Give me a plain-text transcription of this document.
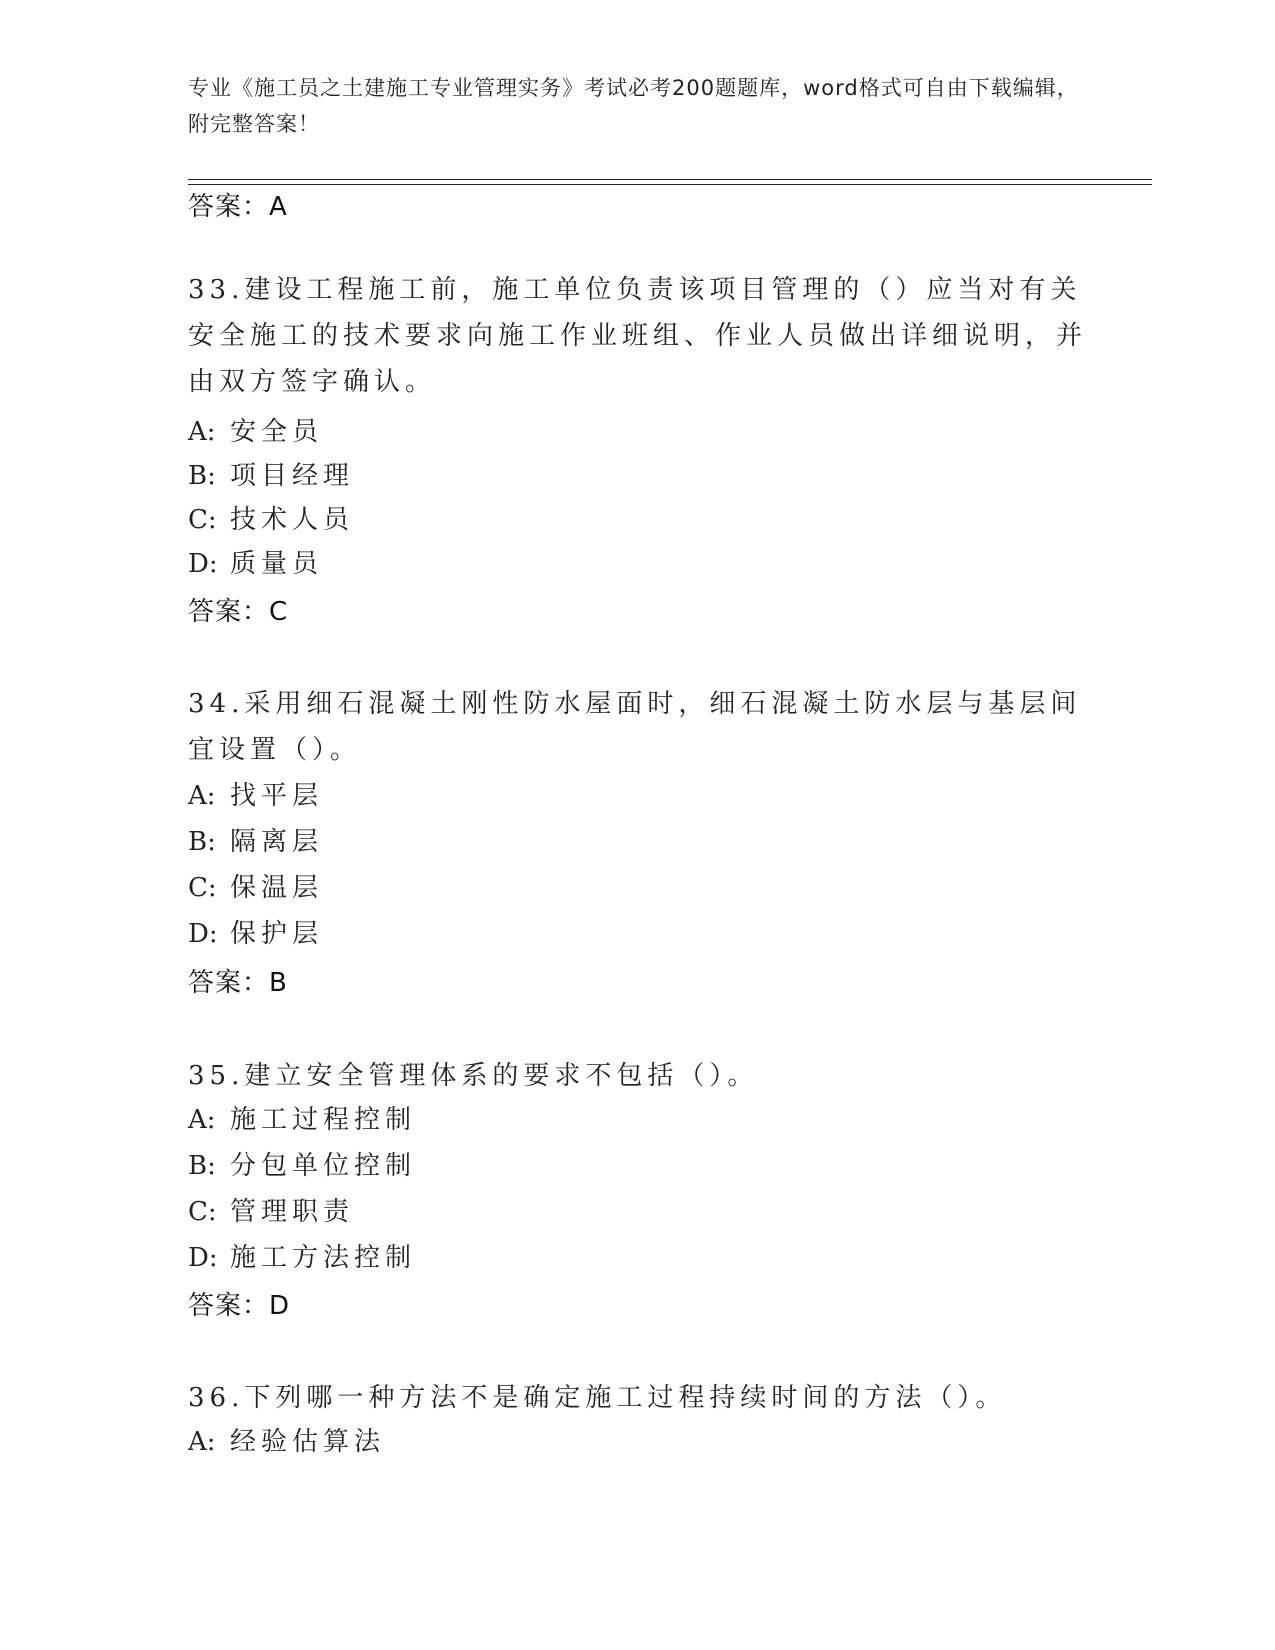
专业《施工员之土建施工专业管理实务》考试必考200题题库，word格式可自由下载编辑，附完整答案！
答案：A
33.建设工程施工前，施工单位负责该项目管理的（）应当对有关安全施工的技术要求向施工作业班组、作业人员做出详细说明，并由双方签字确认。
A: 安全员
B: 项目经理
C: 技术人员
D: 质量员
答案：C
34.采用细石混凝土刚性防水屋面时，细石混凝土防水层与基层间宜设置（）。
A: 找平层
B: 隔离层
C: 保温层
D: 保护层
答案：B
35.建立安全管理体系的要求不包括（）。
A: 施工过程控制
B: 分包单位控制
C: 管理职责
D: 施工方法控制
答案：D
36.下列哪一种方法不是确定施工过程持续时间的方法（）。
A: 经验估算法
